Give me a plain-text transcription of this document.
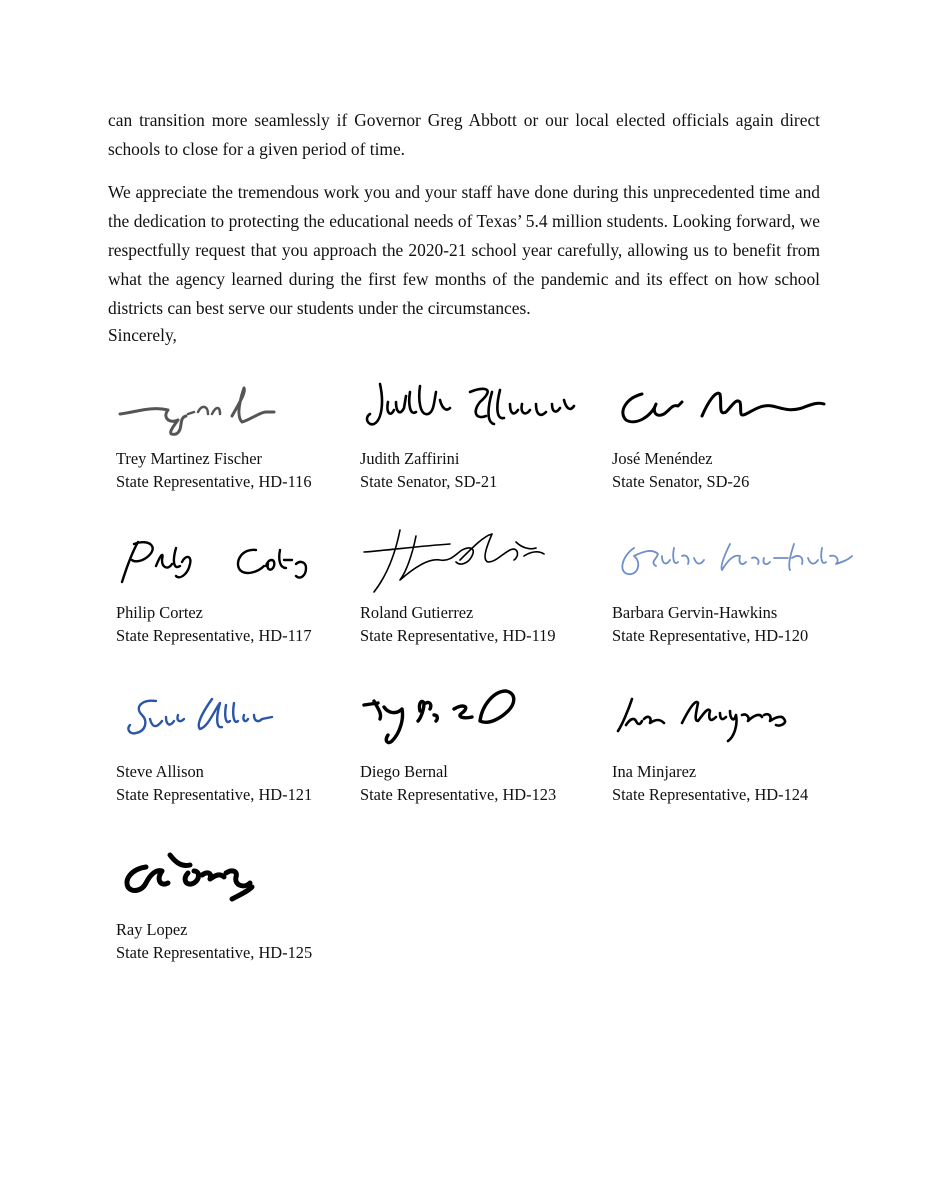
can transition more seamlessly if Governor Greg Abbott or our local elected officials again direct schools to close for a given period of time.

We appreciate the tremendous work you and your staff have done during this unprecedented time and the dedication to protecting the educational needs of Texas’ 5.4 million students. Looking forward, we respectfully request that you approach the 2020-21 school year carefully, allowing us to benefit from what the agency learned during the first few months of the pandemic and its effect on how school districts can best serve our students under the circumstances.

Sincerely,

Trey Martinez Fischer
State Representative, HD-116
Judith Zaffirini
State Senator, SD-21
José Menéndez
State Senator, SD-26
Philip Cortez
State Representative, HD-117
Roland Gutierrez
State Representative, HD-119
Barbara Gervin-Hawkins
State Representative, HD-120
Steve Allison
State Representative, HD-121
Diego Bernal
State Representative, HD-123
Ina Minjarez
State Representative, HD-124
Ray Lopez
State Representative, HD-125
